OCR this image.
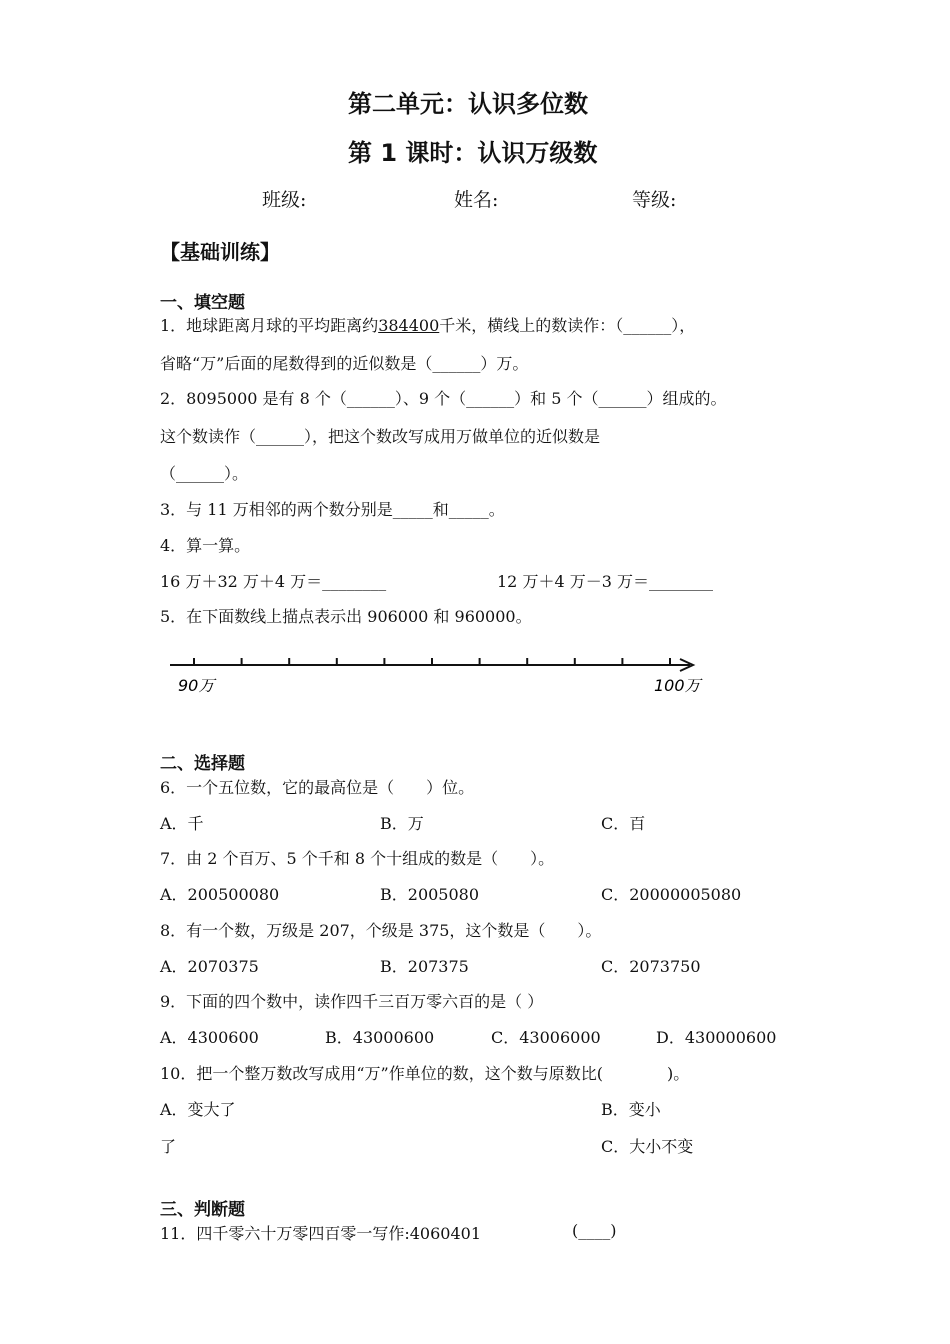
第二单元：认识多位数
第 1 课时：认识万级数
班级:	姓名:	等级:
【基础训练】
一、填空题
1．地球距离月球的平均距离约384400千米，横线上的数读作：（______），
省略“万”后面的尾数得到的近似数是（______）万。
2．8095000 是有 8 个（______）、9 个（______）和 5 个（______）组成的。
这个数读作（______），把这个数改写成用万做单位的近似数是
（______）。
3．与 11 万相邻的两个数分别是_____和_____。
4．算一算。
16 万＋32 万＋4 万＝________	12 万＋4 万－3 万＝________
5．在下面数线上描点表示出 906000 和 960000。
90万	100万
二、选择题
6．一个五位数，它的最高位是（　　）位。
A．千	B．万	C．百
7．由 2 个百万、5 个千和 8 个十组成的数是（　　）。
A．200500080	B．2005080	C．20000005080
8．有一个数，万级是 207，个级是 375，这个数是（　　）。
A．2070375	B．207375	C．2073750
9．下面的四个数中，读作四千三百万零六百的是（ ）
A．4300600	B．43000600	C．43006000	D．430000600
10．把一个整万数改写成用“万”作单位的数，这个数与原数比(　　　　)。
A．变大了	B．变小
了	C．大小不变
三、判断题
11．四千零六十万零四百零一写作:4060401	(____)
